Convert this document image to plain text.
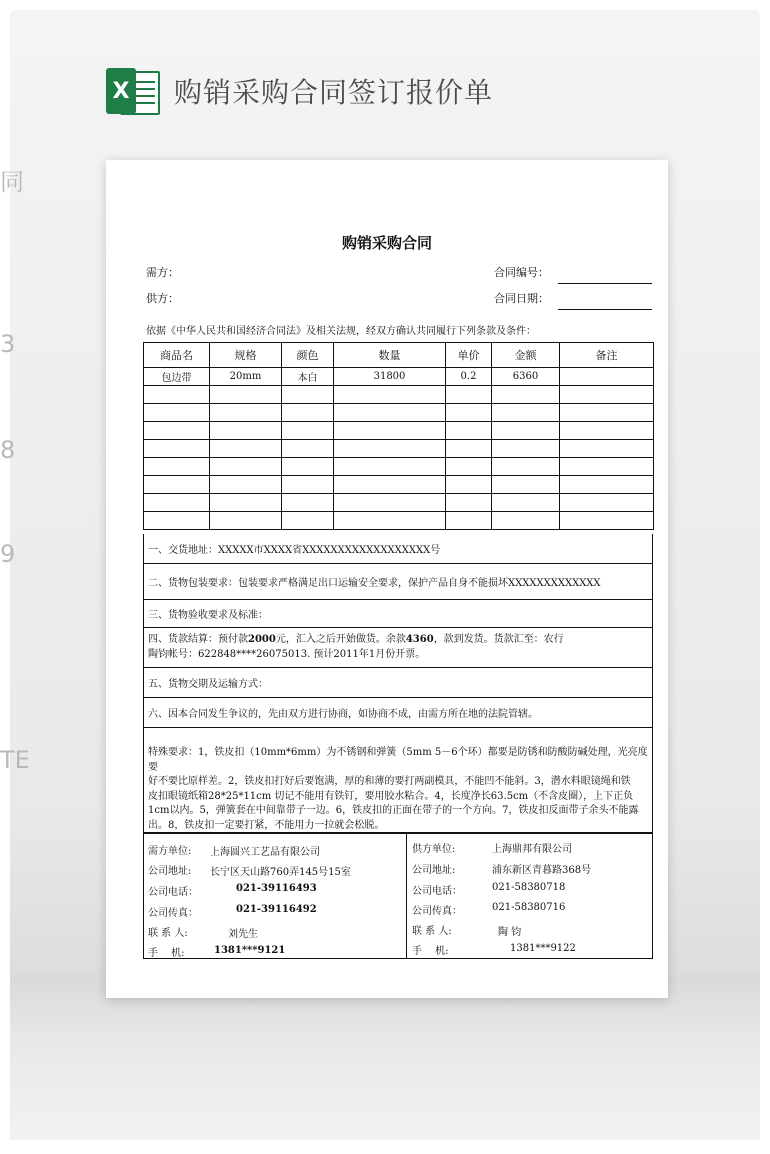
同
3
8
9
TE
X 购销采购合同签订报价单
购销采购合同
需方：
供方：
合同编号：
合同日期：
依据《中华人民共和国经济合同法》及相关法规，经双方确认共同履行下列条款及条件：
商品名	规格	颜色	数量	单价	金额	备注
包边带	20mm	本白	31800	0.2	6360	

一、交货地址：XXXXX市XXXX省XXXXXXXXXXXXXXXXXX号
二、货物包装要求：包装要求严格满足出口运输安全要求，保护产品自身不能损坏XXXXXXXXXXXXX
三、货物验收要求及标准：
四、货款结算：预付款2000元，汇入之后开始做货。余款4360，款到发货。货款汇至：农行
陶钧帐号：622848****26075013. 预计2011年1月份开票。
五、货物交期及运输方式：
六、因本合同发生争议的，先由双方进行协商，如协商不成，由需方所在地的法院管辖。
特殊要求：1，铁皮扣（10mm*6mm）为不锈钢和弹簧（5mm 5－6个环）都要是防锈和防酸防碱处理，光亮度要
好不要比原样差。2，铁皮扣打好后要饱满，厚的和薄的要打两副模具，不能凹不能斜。3，潜水料眼镜绳和铁
皮扣眼镜纸箱28*25*11cm 切记不能用有铁钉，要用胶水粘合。4，长度净长63.5cm（不含皮圈），上下正负
1cm以内。5，弹簧套在中间靠带子一边。6，铁皮扣的正面在带子的一个方向。7，铁皮扣反面带子余头不能露
出。8，铁皮扣一定要打紧，不能用力一拉就会松脱。
需方单位: 上海圆兴工艺品有限公司
公司地址: 长宁区天山路760弄145号15室
公司电话：	021-39116493
公司传真：	021-39116492
联 系 人:	刘先生
手　 机:	1381***9121
供方单位:	上海鼎邦有限公司
公司地址:	浦东新区青暮路368号
公司电话：	021-58380718
公司传真：	021-58380716
联 系 人:	陶 钧
手　 机:	1381***9122
